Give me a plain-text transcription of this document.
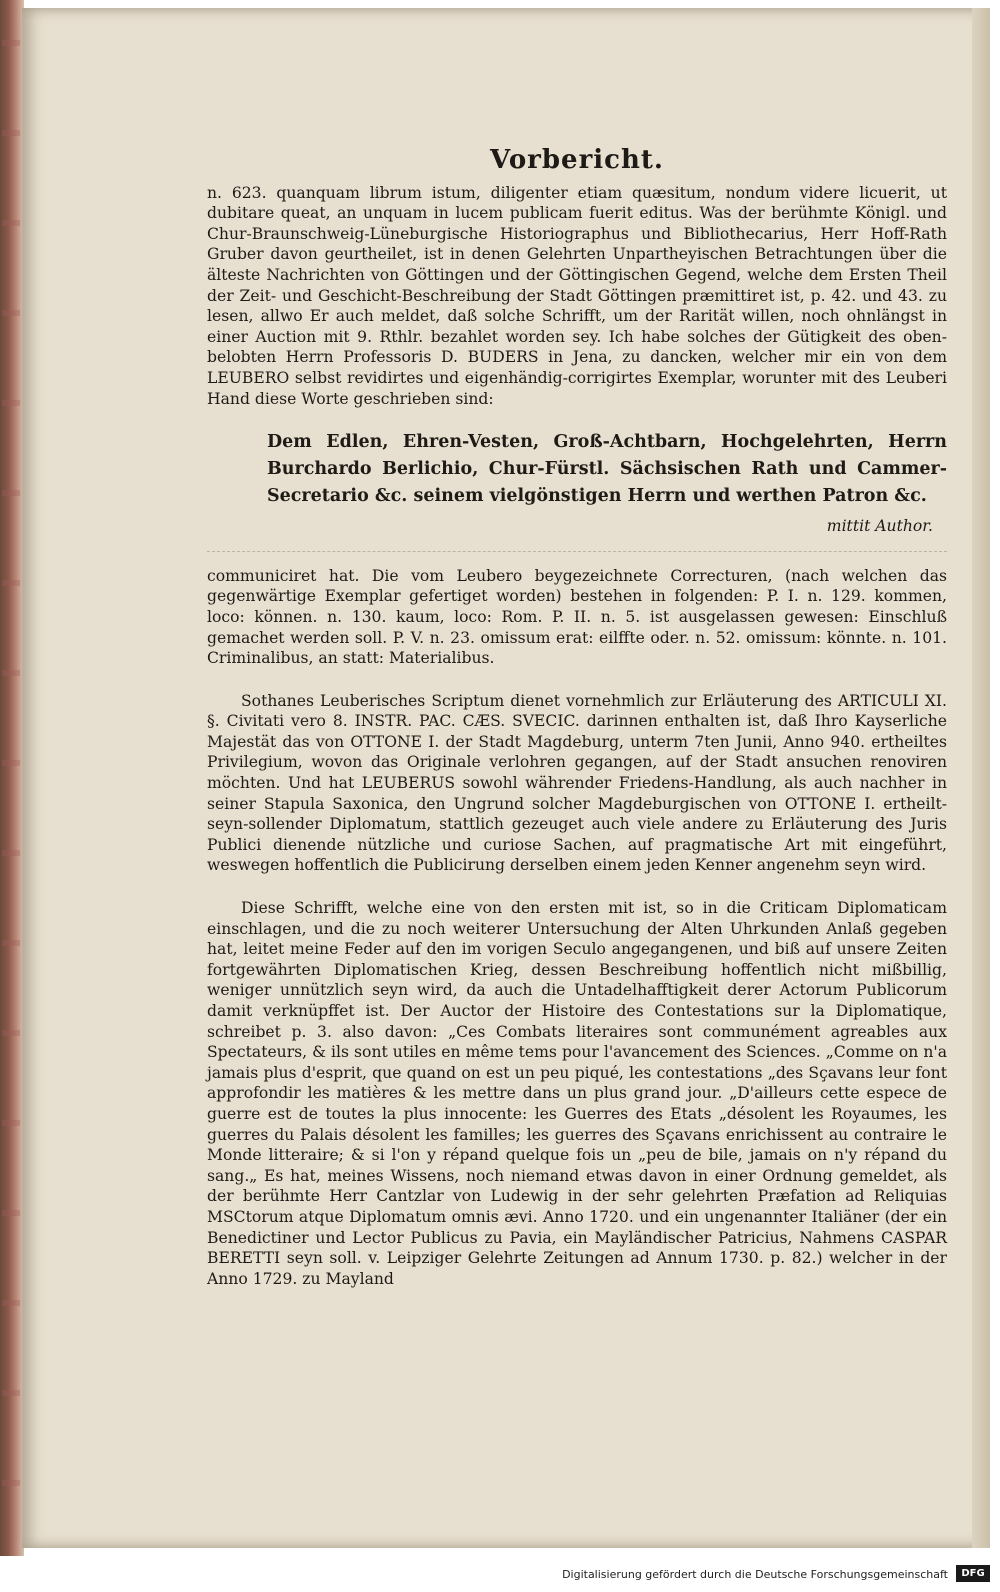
Vorbericht.

n. 623. quanquam librum istum, diligenter etiam quæsitum, nondum videre licuerit, ut dubitare queat, an unquam in lucem publicam fuerit editus. Was der berühmte Königl. und Chur-Braunschweig-Lüneburgische Historiographus und Bibliothecarius, Herr Hoff-Rath Gruber davon geurtheilet, ist in denen Gelehrten Unpartheyischen Betrachtungen über die älteste Nachrichten von Göttingen und der Göttingischen Gegend, welche dem Ersten Theil der Zeit- und Geschicht-Beschreibung der Stadt Göttingen præmittiret ist, p. 42. und 43. zu lesen, allwo Er auch meldet, daß solche Schrifft, um der Rarität willen, noch ohnlängst in einer Auction mit 9. Rthlr. bezahlet worden sey. Ich habe solches der Gütigkeit des oben-belobten Herrn Professoris D. BUDERS in Jena, zu dancken, welcher mir ein von dem LEUBERO selbst revidirtes und eigenhändig-corrigirtes Exemplar, worunter mit des Leuberi Hand diese Worte geschrieben sind:

Dem Edlen, Ehren-Vesten, Groß-Achtbarn, Hochgelehrten, Herrn Burchardo Berlichio, Chur-Fürstl. Sächsischen Rath und Cammer-Secretario &c. seinem vielgönstigen Herrn und werthen Patron &c.

mittit Author.

communiciret hat. Die vom Leubero beygezeichnete Correcturen, (nach welchen das gegenwärtige Exemplar gefertiget worden) bestehen in folgenden: P. I. n. 129. kommen, loco: können. n. 130. kaum, loco: Rom. P. II. n. 5. ist ausgelassen gewesen: Einschluß gemachet werden soll. P. V. n. 23. omissum erat: eilffte oder. n. 52. omissum: könnte. n. 101. Criminalibus, an statt: Materialibus.

Sothanes Leuberisches Scriptum dienet vornehmlich zur Erläuterung des ARTICULI XI. §. Civitati vero 8. INSTR. PAC. CÆS. SVECIC. darinnen enthalten ist, daß Ihro Kayserliche Majestät das von OTTONE I. der Stadt Magdeburg, unterm 7ten Junii, Anno 940. ertheiltes Privilegium, wovon das Originale verlohren gegangen, auf der Stadt ansuchen renoviren möchten. Und hat LEUBERUS sowohl währender Friedens-Handlung, als auch nachher in seiner Stapula Saxonica, den Ungrund solcher Magdeburgischen von OTTONE I. ertheilt-seyn-sollender Diplomatum, stattlich gezeuget auch viele andere zu Erläuterung des Juris Publici dienende nützliche und curiose Sachen, auf pragmatische Art mit eingeführt, weswegen hoffentlich die Publicirung derselben einem jeden Kenner angenehm seyn wird.

Diese Schrifft, welche eine von den ersten mit ist, so in die Criticam Diplomaticam einschlagen, und die zu noch weiterer Untersuchung der Alten Uhrkunden Anlaß gegeben hat, leitet meine Feder auf den im vorigen Seculo angegangenen, und biß auf unsere Zeiten fortgewährten Diplomatischen Krieg, dessen Beschreibung hoffentlich nicht mißbillig, weniger unnützlich seyn wird, da auch die Untadelhafftigkeit derer Actorum Publicorum damit verknüpffet ist. Der Auctor der Histoire des Contestations sur la Diplomatique, schreibet p. 3. also davon: „Ces Combats literaires sont communément agreables aux Spectateurs, & ils sont utiles en même tems pour l'avancement des Sciences. „Comme on n'a jamais plus d'esprit, que quand on est un peu piqué, les contestations „des Sçavans leur font approfondir les matières & les mettre dans un plus grand jour. „D'ailleurs cette espece de guerre est de toutes la plus innocente: les Guerres des Etats „désolent les Royaumes, les guerres du Palais désolent les familles; les guerres des Sçavans enrichissent au contraire le Monde litteraire; & si l'on y répand quelque fois un „peu de bile, jamais on n'y répand du sang.„ Es hat, meines Wissens, noch niemand etwas davon in einer Ordnung gemeldet, als der berühmte Herr Cantzlar von Ludewig in der sehr gelehrten Præfation ad Reliquias MSCtorum atque Diplomatum omnis ævi. Anno 1720. und ein ungenannter Italiäner (der ein Benedictiner und Lector Publicus zu Pavia, ein Mayländischer Patricius, Nahmens CASPAR BERETTI seyn soll. v. Leipziger Gelehrte Zeitungen ad Annum 1730. p. 82.) welcher in der Anno 1729. zu Mayland

Digitalisierung gefördert durch die Deutsche Forschungsgemeinschaft	DFG
